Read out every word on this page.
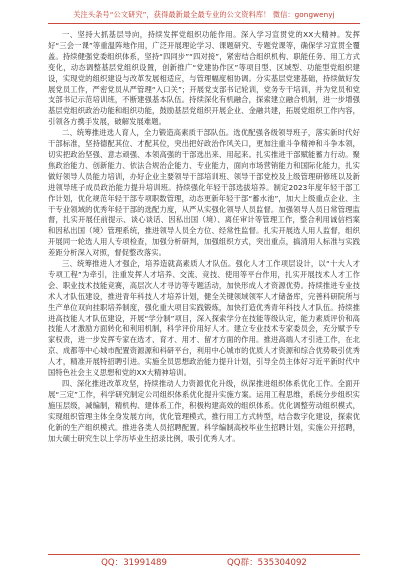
关注头条号“公文研究”，获得最新最全最专业的公文资料库！ 微信：gongwenyj

一、坚持大抓基层导向，持续发挥党组织功能作用。深入学习宣贯党的XX大精神。发挥好“三会一课”等重温阵地作用，广泛开展理论学习、课题研究、专题党课等，确保学习宣贯全覆盖。持续健强党委组织体系，坚持“四同步”“四对接”，紧密结合组织机构、职能任务、用工方式变化，动态调整基层党组织设置，创新推广“党建协作区”等项目型、区域型、功能型党组织建设，实现党的组织建设与改革发展相适应，与管理幅度相协调。分实基层党建基础，持续做好发展党员工作，严密党员从严管理“入口关”；开展党支部书记轮训，党务专干培训，并为党员和党支部书记示范培训班，不断建强基本队伍。持续深化有机融合，探索建立融合机制，进一步增强基层党组织政治功能和组织功能，鼓励基层党组织开展企业、金融共建，拓展党组织工作内容，引领各方携手发展，破解发展难题。

二、统筹推进选人育人，全力锻造高素质干部队伍。选优配强各级领导班子，落实新时代好干部标准，坚持德配其位、才配其位，突出把好政治作风关口，更加注重斗争精神和斗争本领，切实把政治坚强、意志顽强、本领高强的干部选出来、用起来。扎实推进干部赋能蓄力行动。聚焦政治能力、创新能力、依法合规治企能力、专业能力，面向市场营销能力和国际化能力，扎实做好领导人员能力培训，办好企业主要领导干部培训班、领导干部党校及上级管理研修班以及新进领导班子成员政治能力提升培训班。持续强化年轻干部选拔培养。制定2023年度年轻干部工作计划，优化规范年轻干部专项职数管理，动态更新年轻干部“蓄水池”，加大上级重点企业、主干专业领域的优秀年轻干部的选配力度，从严从实强化领导人员监督。加强领导人员日常管理监督，扎实开展任前提示、谈心谈话、因私出国（境）、离任审计等管理工作，整合利用诚信档案和因私出国（境）管理系统，推进领导人员全方位、经常性监督。扎实开展选人用人监督，组织开展同一轮选人用人专项检查，加强分析研判，加强组织方式，突出重点，搞清用人标准与实践差距分析深入对照，督促整改落实。

三、统筹推进人才强企，培养造就高素质人才队伍。强化人才工作项层设计，以“十大人才专项工程”为牵引，注重发挥人才培养、交流、竞技、使用等平台作用，扎实开展技术人才工作会、职业技术技能竞赛，高层次人才寻访等专题活动，加快形成人才资源优势。持续推进专业技术人才队伍建设，推进青年科技人才培养计划，健全关键领域领军人才储备库，完善科研院所与生产单位双向挂职培养制度，强化重大项目实践锻炼，加快打造优秀青年科技人才队伍。持续推进高技能人才队伍建设，开展“学分制”项目，深入探索学分在技能等级认定，能力素质评价和高技能人才激励方面转化和利用机制，科学评价用好人才。建立专业技术专家委员会，充分赋予专家权责，进一步发挥专家在选才、育才、用才、留才方面的作用。推进高端人才引进工作，在北京、成都等中心城市配置资源源和科研平台，利用中心城市的优质人才资源和综合优势吸引优秀人才，精准开展特招聘引进。实施全员思想政治能力提升计划，引导全员主体好习近平新时代中国特色社会主义思想和党的XX大精神培训。

四、深化推进改革攻坚，持续推动人力资源优化升级，纵深推进组织体系优化工作。全面开展“三定”工作，科学研究制定公司组织体系优化提升实施方案。运用工程思维，系统分步组织实施压层级，减编制，精机构、建体系工作，积极构建高效的组织体系。优化调整劳动组织模式，实现组织管理主体全身发展方向，优化管理模式，推行用工方式转型，结合数字化建设，探索优化新的生产组织模式。推进各类人员招聘配置。科学编制高校毕业生招聘计划，实施公开招聘，加大硕士研究生以上学历毕业生招录比例，吸引优秀人才。

QQ：31991489	QQ群：535304092
